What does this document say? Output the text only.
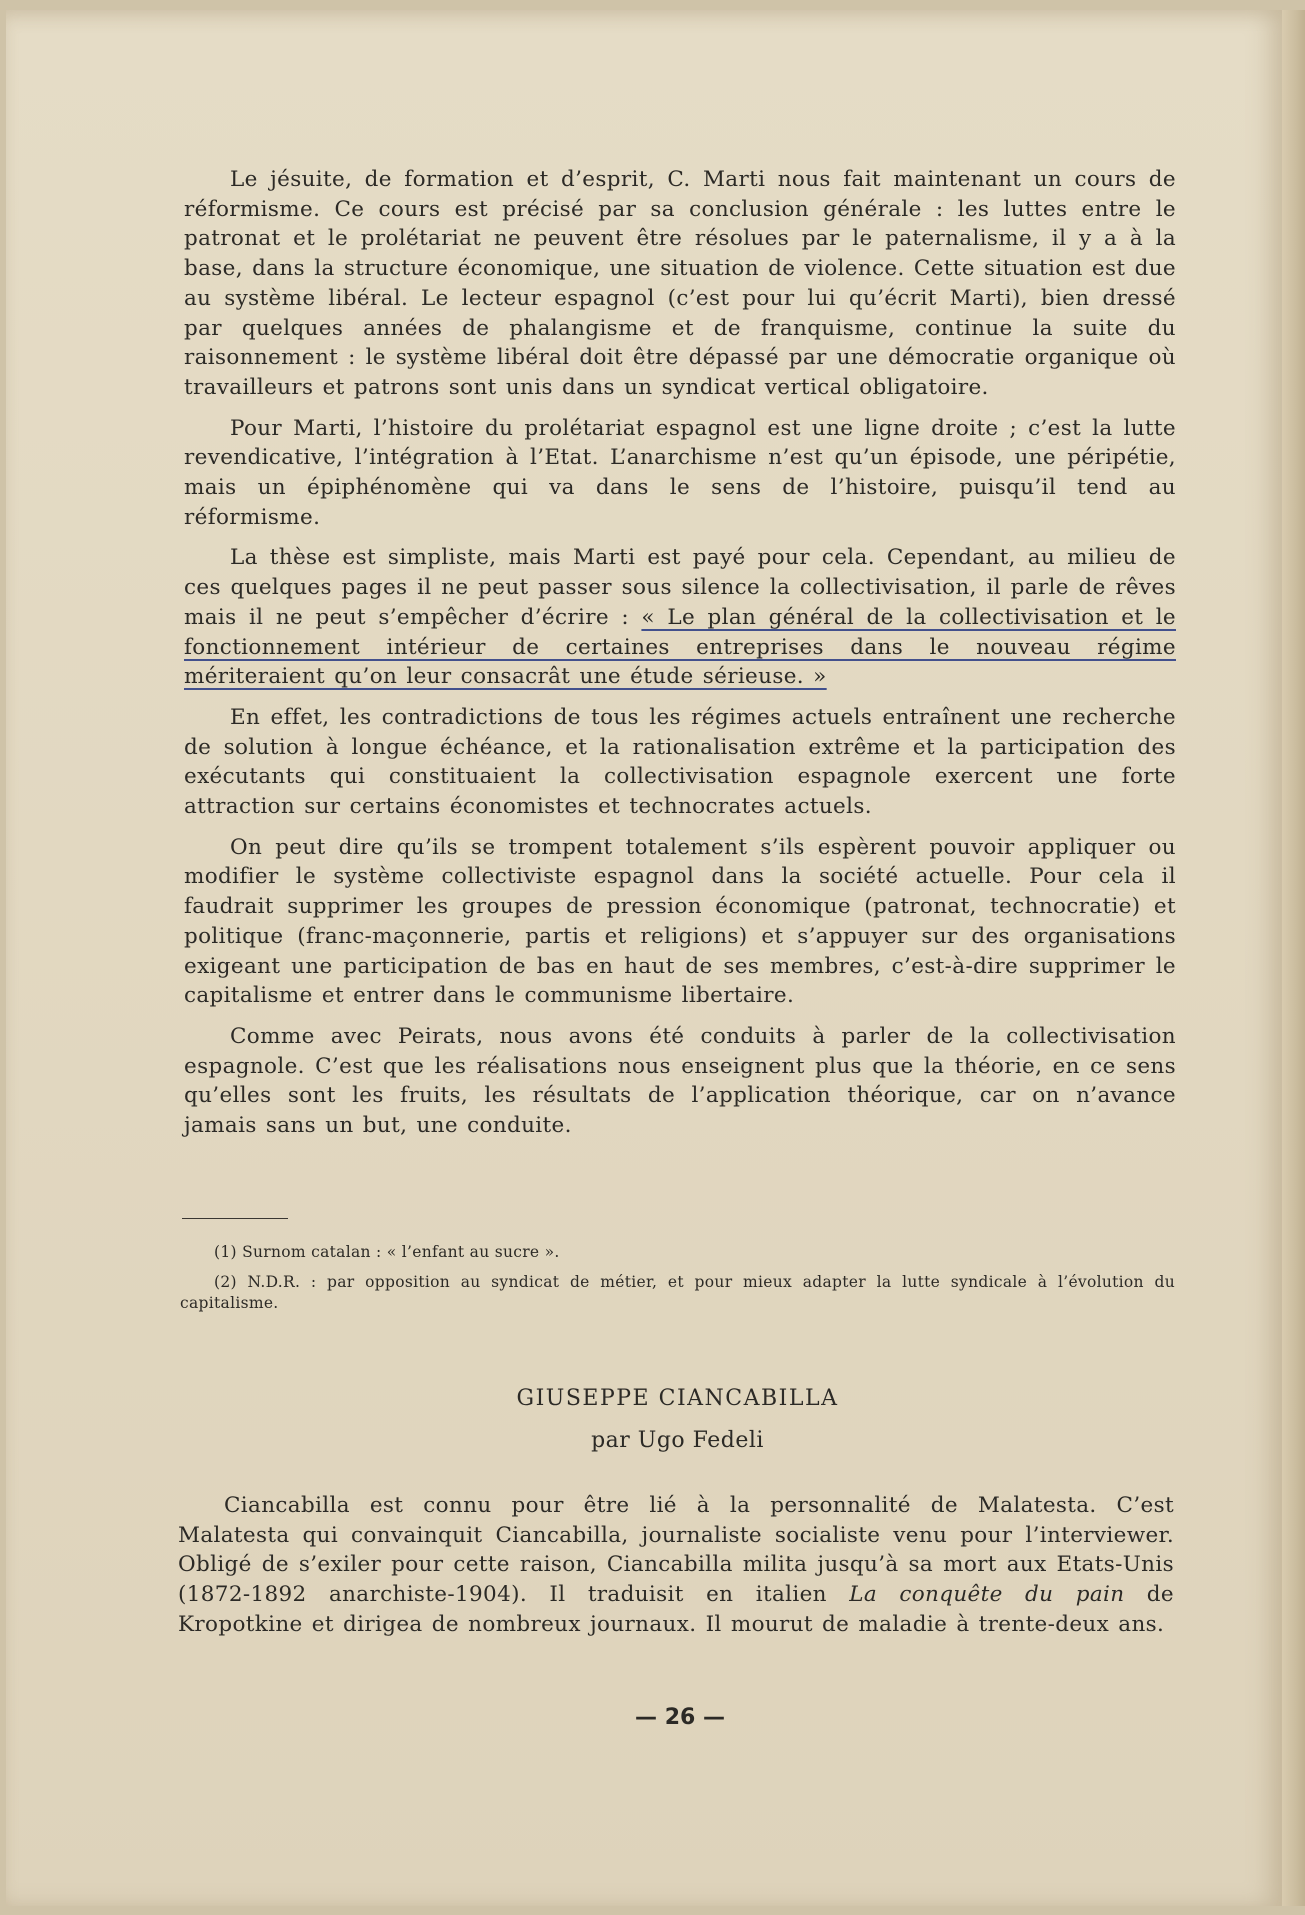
Le jésuite, de formation et d’esprit, C. Marti nous fait maintenant un cours de réformisme. Ce cours est précisé par sa conclusion générale : les luttes entre le patronat et le prolétariat ne peuvent être résolues par le paternalisme, il y a à la base, dans la structure économique, une situation de violence. Cette situation est due au système libéral. Le lecteur espagnol (c’est pour lui qu’écrit Marti), bien dressé par quelques années de phalangisme et de franquisme, continue la suite du raisonnement : le système libéral doit être dépassé par une démocratie organique où travailleurs et patrons sont unis dans un syndicat vertical obligatoire.

Pour Marti, l’histoire du prolétariat espagnol est une ligne droite ; c’est la lutte revendicative, l’intégration à l’Etat. L’anarchisme n’est qu’un épisode, une péripétie, mais un épiphénomène qui va dans le sens de l’histoire, puisqu’il tend au réformisme.

La thèse est simpliste, mais Marti est payé pour cela. Cependant, au milieu de ces quelques pages il ne peut passer sous silence la collectivisation, il parle de rêves mais il ne peut s’empêcher d’écrire : « Le plan général de la collectivisation et le fonctionnement intérieur de certaines entreprises dans le nouveau régime mériteraient qu’on leur consacrât une étude sérieuse. »

En effet, les contradictions de tous les régimes actuels entraînent une recherche de solution à longue échéance, et la rationalisation extrême et la participation des exécutants qui constituaient la collectivisation espagnole exercent une forte attraction sur certains économistes et technocrates actuels.

On peut dire qu’ils se trompent totalement s’ils espèrent pouvoir appliquer ou modifier le système collectiviste espagnol dans la société actuelle. Pour cela il faudrait supprimer les groupes de pression économique (patronat, technocratie) et politique (franc-maçonnerie, partis et religions) et s’appuyer sur des organisations exigeant une participation de bas en haut de ses membres, c’est-à-dire supprimer le capitalisme et entrer dans le communisme libertaire.

Comme avec Peirats, nous avons été conduits à parler de la collectivisation espagnole. C’est que les réalisations nous enseignent plus que la théorie, en ce sens qu’elles sont les fruits, les résultats de l’application théorique, car on n’avance jamais sans un but, une conduite.

(1) Surnom catalan : « l’enfant au sucre ».

(2) N.D.R. : par opposition au syndicat de métier, et pour mieux adapter la lutte syndicale à l’évolution du capitalisme.

GIUSEPPE CIANCABILLA
par Ugo Fedeli

Ciancabilla est connu pour être lié à la personnalité de Malatesta. C’est Malatesta qui convainquit Ciancabilla, journaliste socialiste venu pour l’interviewer. Obligé de s’exiler pour cette raison, Ciancabilla milita jusqu’à sa mort aux Etats-Unis (1872-1892 anarchiste-1904). Il traduisit en italien La conquête du pain de Kropotkine et dirigea de nombreux journaux. Il mourut de maladie à trente-deux ans.

— 26 —
